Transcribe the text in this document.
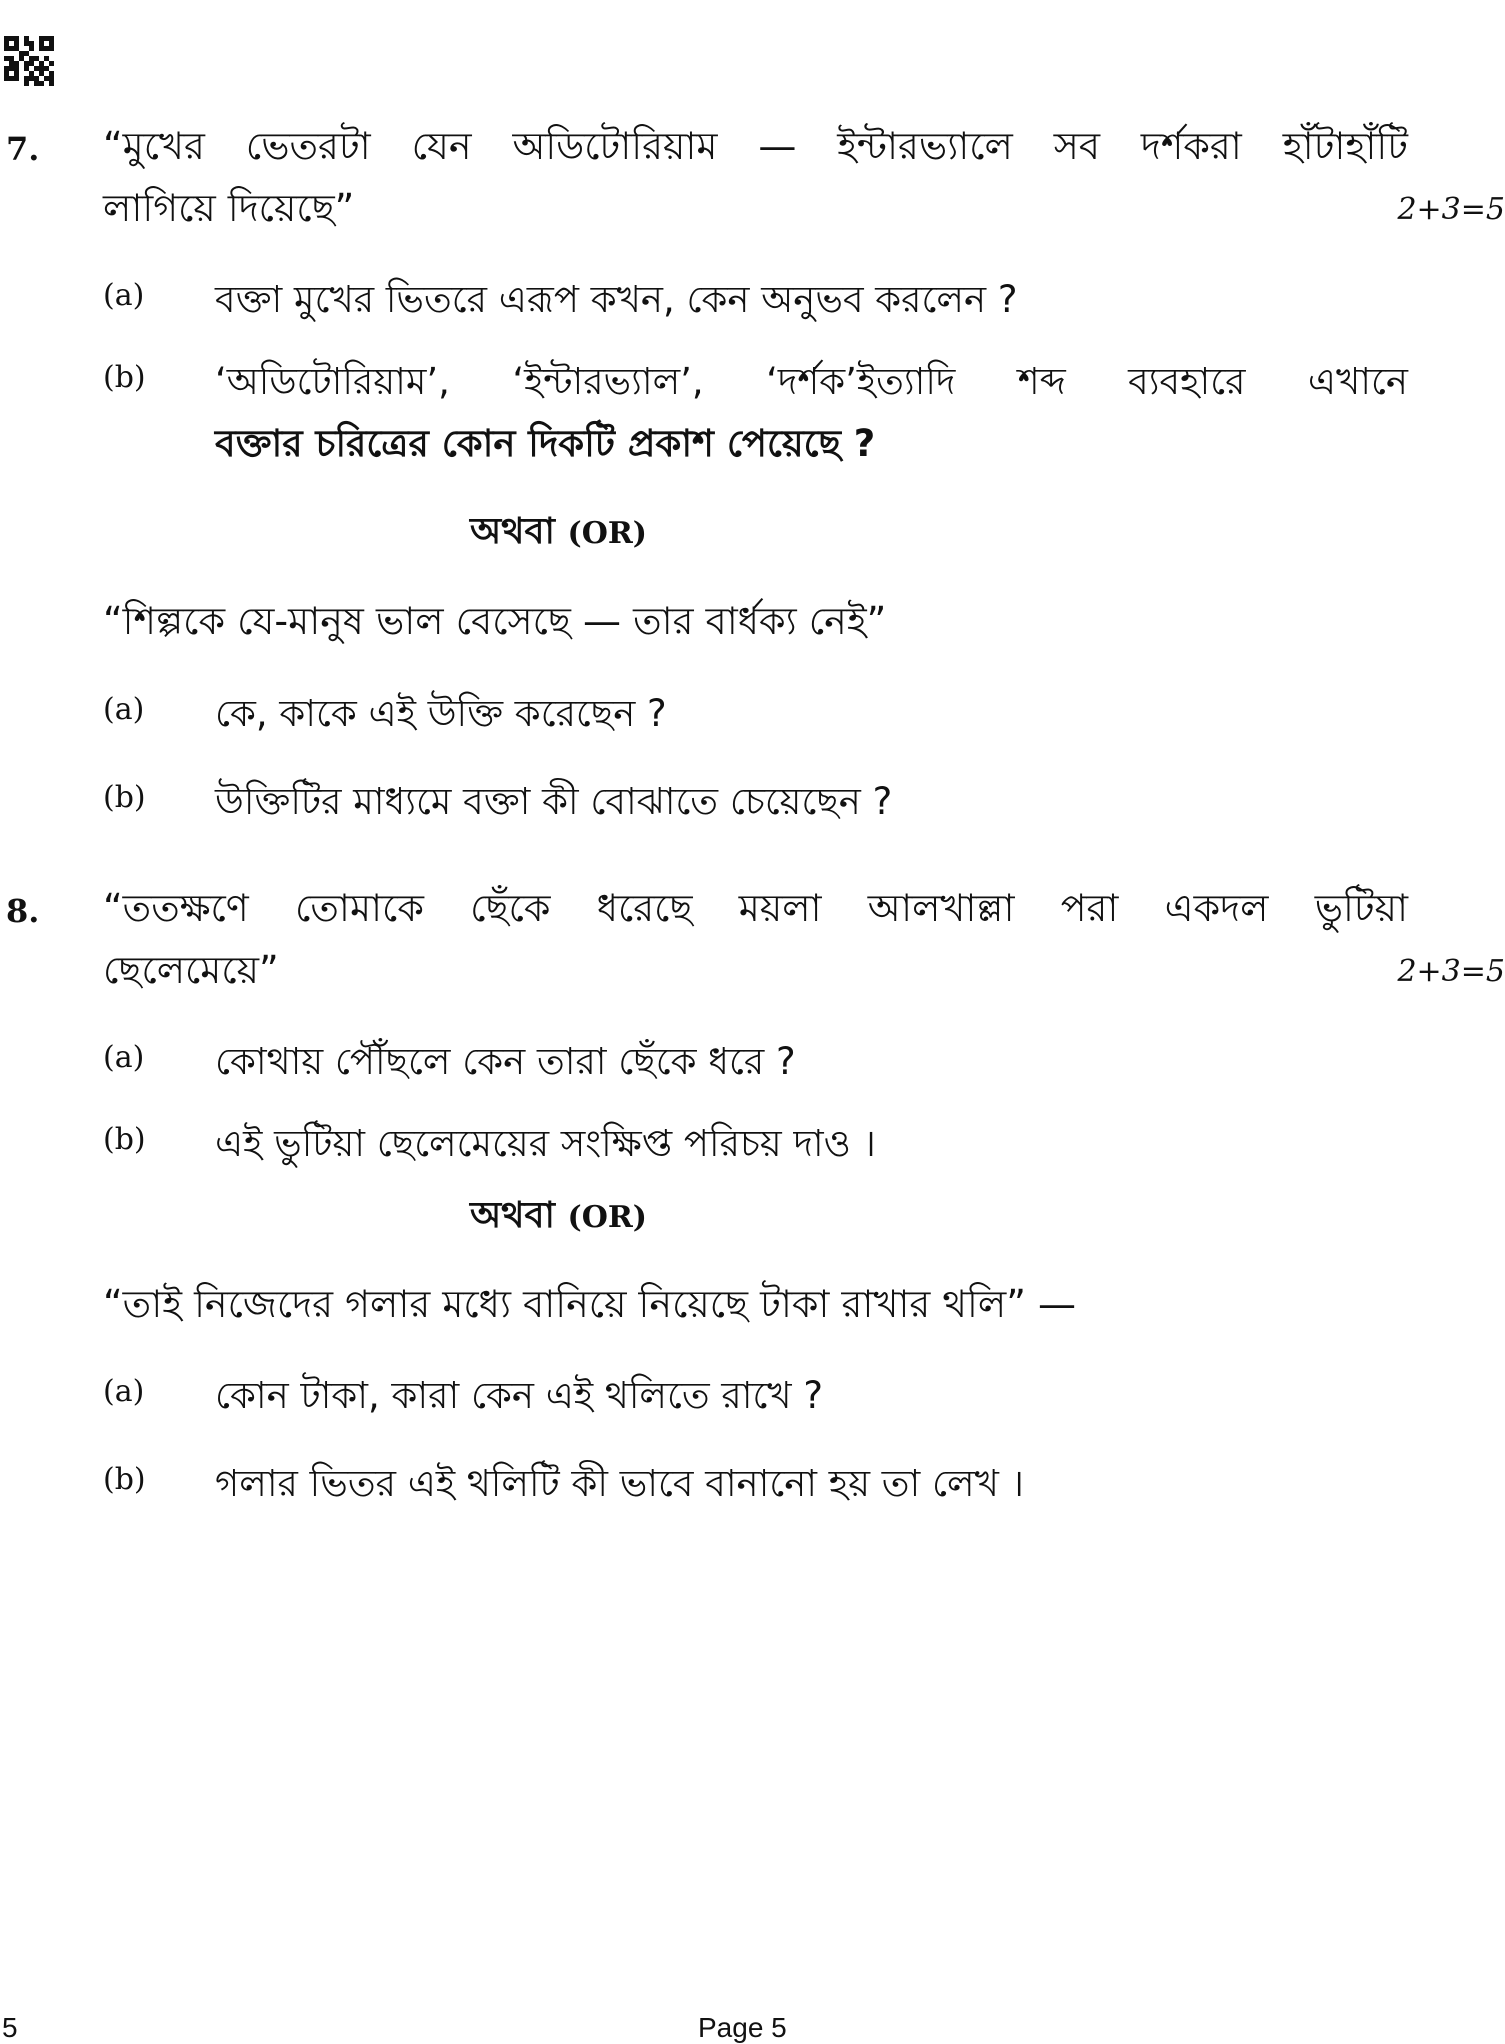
7. “মুখের ভেতরটা যেন অডিটোরিয়াম — ইন্টারভ্যালে সব দর্শকরা হাঁটাহাঁটি
লাগিয়ে দিয়েছে”	2+3=5
(a) বক্তা মুখের ভিতরে এরূপ কখন, কেন অনুভব করলেন ?
(b) ‘অডিটোরিয়াম’, ‘ইন্টারভ্যাল’, ‘দর্শক’ইত্যাদি শব্দ ব্যবহারে এখানে
বক্তার চরিত্রের কোন দিকটি প্রকাশ পেয়েছে ?
অথবা (OR)
“শিল্পকে যে-মানুষ ভাল বেসেছে — তার বার্ধক্য নেই”
(a) কে, কাকে এই উক্তি করেছেন ?
(b) উক্তিটির মাধ্যমে বক্তা কী বোঝাতে চেয়েছেন ?
8. “ততক্ষণে তোমাকে ছেঁকে ধরেছে ময়লা আলখাল্লা পরা একদল ভুটিয়া
ছেলেমেয়ে”	2+3=5
(a) কোথায় পৌঁছলে কেন তারা ছেঁকে ধরে ?
(b) এই ভুটিয়া ছেলেমেয়ের সংক্ষিপ্ত পরিচয় দাও ।
অথবা (OR)
“তাই নিজেদের গলার মধ্যে বানিয়ে নিয়েছে টাকা রাখার থলি” —
(a) কোন টাকা, কারা কেন এই থলিতে রাখে ?
(b) গলার ভিতর এই থলিটি কী ভাবে বানানো হয় তা লেখ ।
5	Page 5
